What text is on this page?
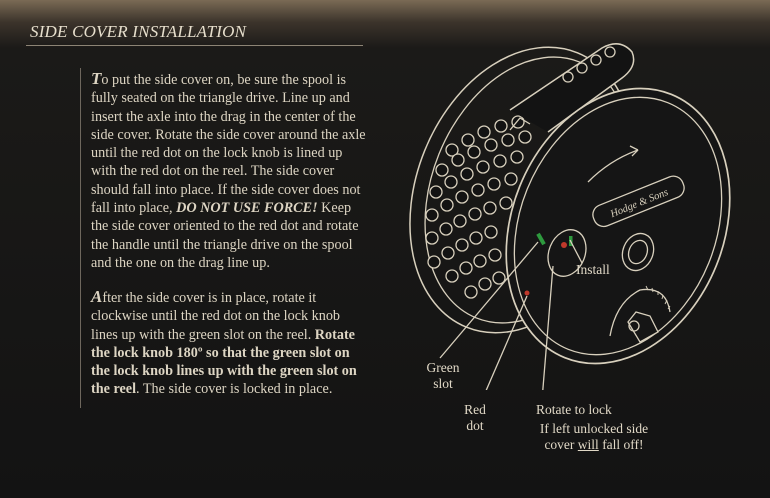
SIDE COVER INSTALLATION
To put the side cover on, be sure the spool is fully seated on the triangle drive. Line up and insert the axle into the drag in the center of the side cover. Rotate the side cover around the axle until the red dot on the lock knob is lined up with the red dot on the reel. The side cover should fall into place. If the side cover does not fall into place, DO NOT USE FORCE! Keep the side cover oriented to the red dot and rotate the handle until the triangle drive on the spool and the one on the drag line up.
After the side cover is in place, rotate it clockwise until the red dot on the lock knob lines up with the green slot on the reel. Rotate the lock knob 180º so that the green slot on the lock knob lines up with the green slot on the reel. The side cover is locked in place.
Hodge & Sons
Install
Green
slot
Red
dot
Rotate to lock
If left unlocked side
cover will fall off!
